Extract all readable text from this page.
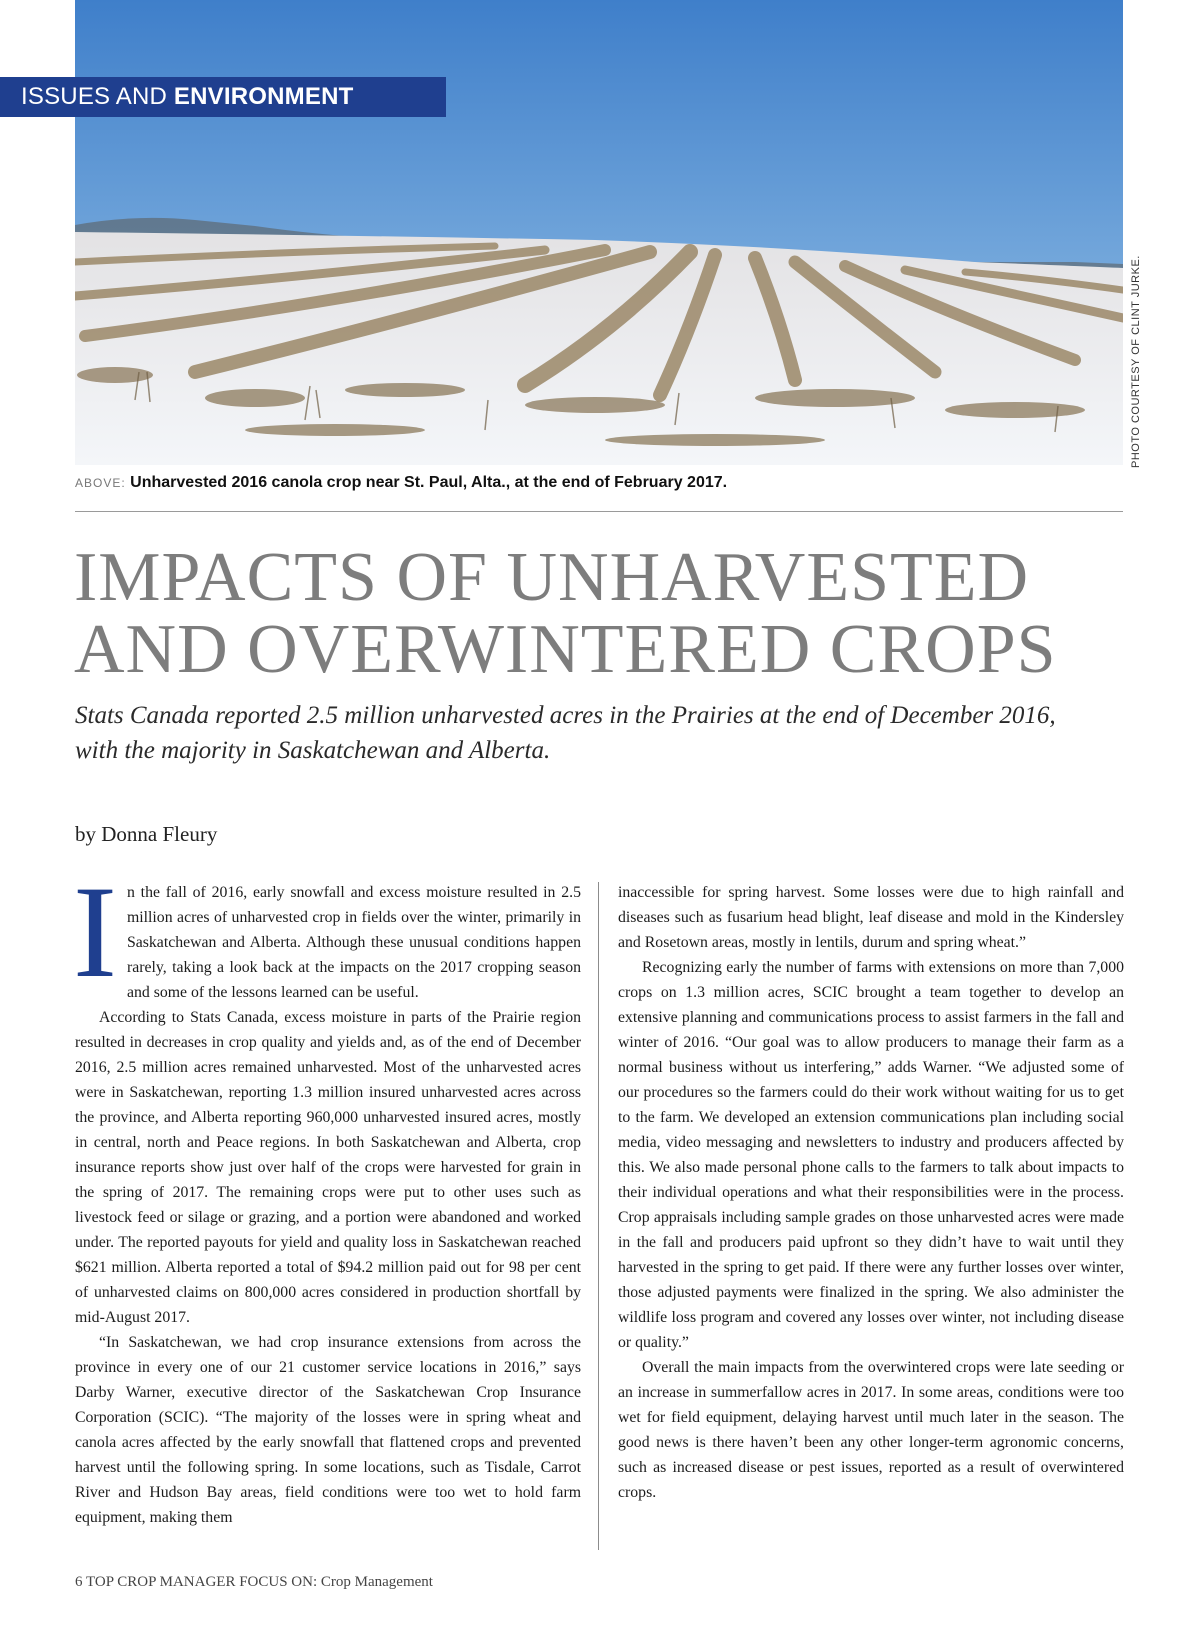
ISSUES AND ENVIRONMENT
PHOTO COURTESY OF CLINT JURKE.
ABOVE: Unharvested 2016 canola crop near St. Paul, Alta., at the end of February 2017.
IMPACTS OF UNHARVESTED
AND OVERWINTERED CROPS
Stats Canada reported 2.5 million unharvested acres in the Prairies at the end of December 2016,
with the majority in Saskatchewan and Alberta.
by Donna Fleury

In the fall of 2016, early snowfall and excess moisture resulted in 2.5 million acres of unharvested crop in fields over the winter, primarily in Saskatchewan and Alberta. Although these unusual conditions happen rarely, taking a look back at the impacts on the 2017 cropping season and some of the lessons learned can be useful.

According to Stats Canada, excess moisture in parts of the Prairie region resulted in decreases in crop quality and yields and, as of the end of December 2016, 2.5 million acres remained unharvested. Most of the unharvested acres were in Saskatchewan, reporting 1.3 million insured unharvested acres across the province, and Alberta reporting 960,000 unharvested insured acres, mostly in central, north and Peace regions. In both Saskatchewan and Alberta, crop insurance reports show just over half of the crops were harvested for grain in the spring of 2017. The remaining crops were put to other uses such as livestock feed or silage or grazing, and a portion were abandoned and worked under. The reported payouts for yield and quality loss in Saskatchewan reached $621 million. Alberta reported a total of $94.2 million paid out for 98 per cent of unharvested claims on 800,000 acres considered in production shortfall by mid-August 2017.

“In Saskatchewan, we had crop insurance extensions from across the province in every one of our 21 customer service locations in 2016,” says Darby Warner, executive director of the Saskatchewan Crop Insurance Corporation (SCIC). “The majority of the losses were in spring wheat and canola acres affected by the early snowfall that flattened crops and prevented harvest until the following spring. In some locations, such as Tisdale, Carrot River and Hudson Bay areas, field conditions were too wet to hold farm equipment, making them

inaccessible for spring harvest. Some losses were due to high rainfall and diseases such as fusarium head blight, leaf disease and mold in the Kindersley and Rosetown areas, mostly in lentils, durum and spring wheat.”

Recognizing early the number of farms with extensions on more than 7,000 crops on 1.3 million acres, SCIC brought a team together to develop an extensive planning and communications process to assist farmers in the fall and winter of 2016. “Our goal was to allow producers to manage their farm as a normal business without us interfering,” adds Warner. “We adjusted some of our procedures so the farmers could do their work without waiting for us to get to the farm. We developed an extension communications plan including social media, video messaging and newsletters to industry and producers affected by this. We also made personal phone calls to the farmers to talk about impacts to their individual operations and what their responsibilities were in the process. Crop appraisals including sample grades on those unharvested acres were made in the fall and producers paid upfront so they didn’t have to wait until they harvested in the spring to get paid. If there were any further losses over winter, those adjusted payments were finalized in the spring. We also administer the wildlife loss program and covered any losses over winter, not including disease or quality.”

Overall the main impacts from the overwintered crops were late seeding or an increase in summerfallow acres in 2017. In some areas, conditions were too wet for field equipment, delaying harvest until much later in the season. The good news is there haven’t been any other longer-term agronomic concerns, such as increased disease or pest issues, reported as a result of overwintered crops.

6 TOP CROP MANAGER FOCUS ON: Crop Management
